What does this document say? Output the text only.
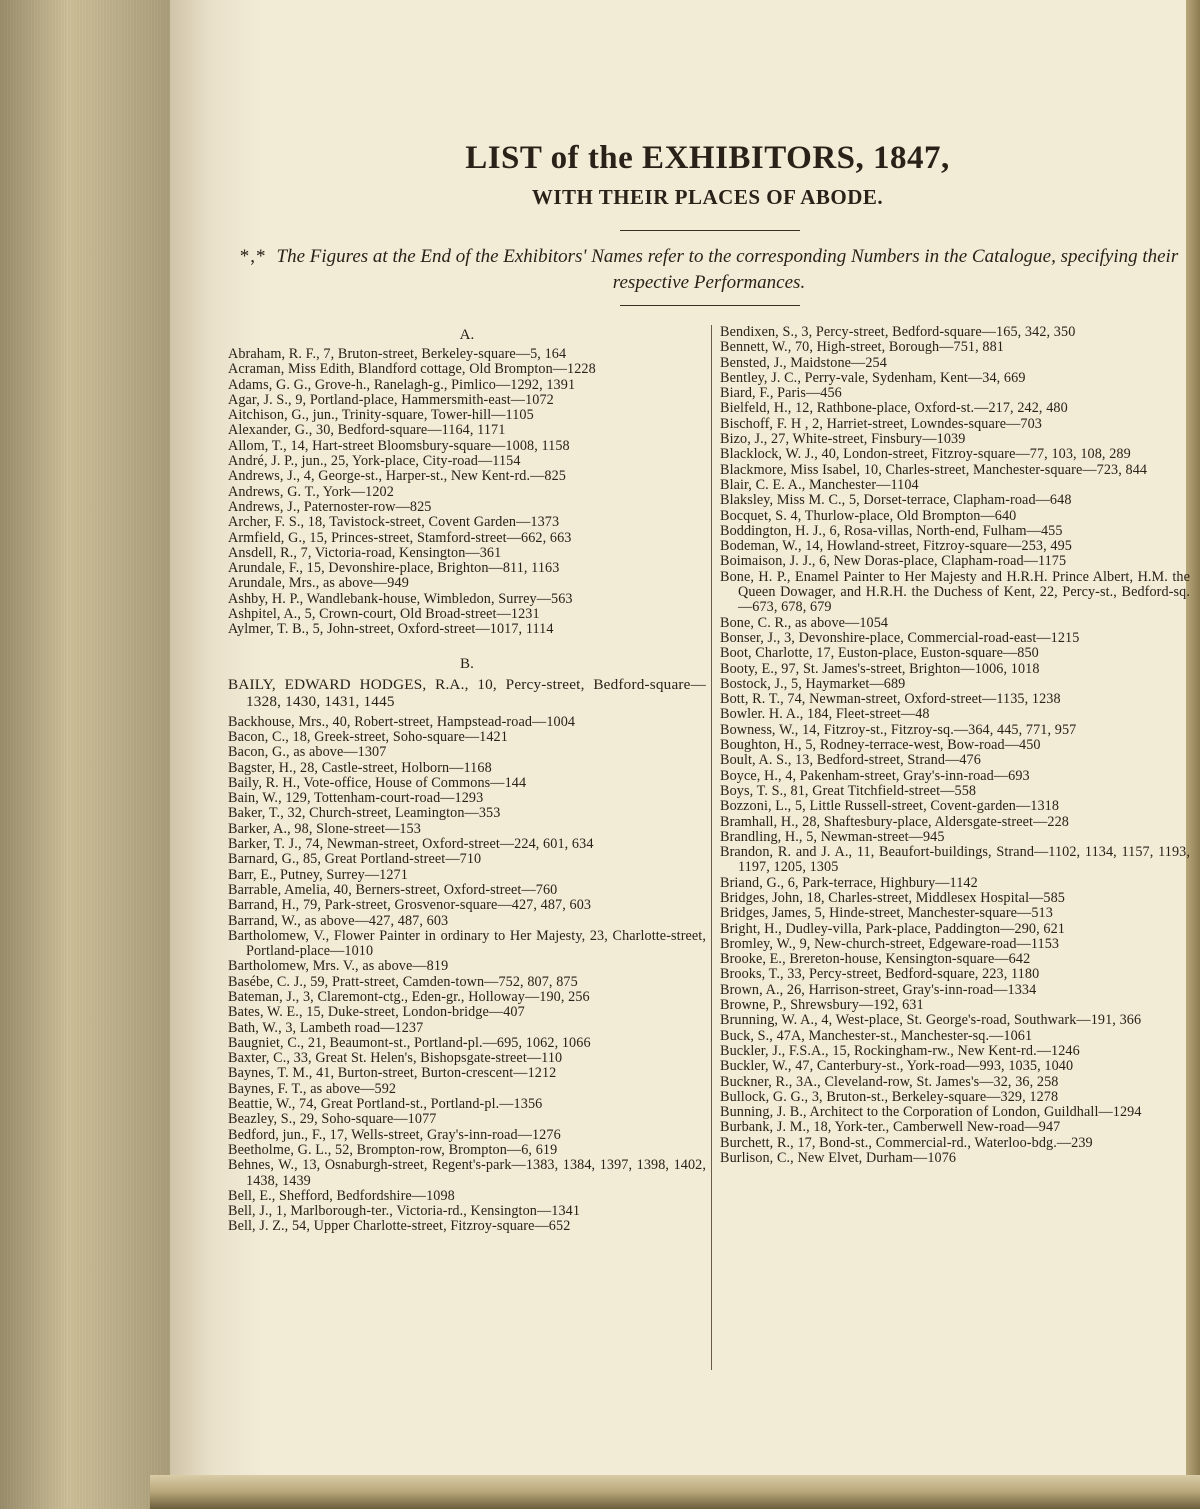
LIST of the EXHIBITORS, 1847,
WITH THEIR PLACES OF ABODE.

*,* The Figures at the End of the Exhibitors' Names refer to the corresponding Numbers in the Catalogue, specifying their respective Performances.

A.

Abraham, R. F., 7, Bruton-street, Berkeley-square—5, 164

Acraman, Miss Edith, Blandford cottage, Old Brompton—1228

Adams, G. G., Grove-h., Ranelagh-g., Pimlico—1292, 1391

Agar, J. S., 9, Portland-place, Hammersmith-east—1072

Aitchison, G., jun., Trinity-square, Tower-hill—1105

Alexander, G., 30, Bedford-square—1164, 1171

Allom, T., 14, Hart-street Bloomsbury-square—1008, 1158

André, J. P., jun., 25, York-place, City-road—1154

Andrews, J., 4, George-st., Harper-st., New Kent-rd.—825

Andrews, G. T., York—1202

Andrews, J., Paternoster-row—825

Archer, F. S., 18, Tavistock-street, Covent Garden—1373

Armfield, G., 15, Princes-street, Stamford-street—662, 663

Ansdell, R., 7, Victoria-road, Kensington—361

Arundale, F., 15, Devonshire-place, Brighton—811, 1163

Arundale, Mrs., as above—949

Ashby, H. P., Wandlebank-house, Wimbledon, Surrey—563

Ashpitel, A., 5, Crown-court, Old Broad-street—1231

Aylmer, T. B., 5, John-street, Oxford-street—1017, 1114

B.

BAILY, EDWARD HODGES, R.A., 10, Percy-street, Bedford-square—1328, 1430, 1431, 1445

Backhouse, Mrs., 40, Robert-street, Hampstead-road—1004

Bacon, C., 18, Greek-street, Soho-square—1421

Bacon, G., as above—1307

Bagster, H., 28, Castle-street, Holborn—1168

Baily, R. H., Vote-office, House of Commons—144

Bain, W., 129, Tottenham-court-road—1293

Baker, T., 32, Church-street, Leamington—353

Barker, A., 98, Slone-street—153

Barker, T. J., 74, Newman-street, Oxford-street—224, 601, 634

Barnard, G., 85, Great Portland-street—710

Barr, E., Putney, Surrey—1271

Barrable, Amelia, 40, Berners-street, Oxford-street—760

Barrand, H., 79, Park-street, Grosvenor-square—427, 487, 603

Barrand, W., as above—427, 487, 603

Bartholomew, V., Flower Painter in ordinary to Her Majesty, 23, Charlotte-street, Portland-place—1010

Bartholomew, Mrs. V., as above—819

Basébe, C. J., 59, Pratt-street, Camden-town—752, 807, 875

Bateman, J., 3, Claremont-ctg., Eden-gr., Holloway—190, 256

Bates, W. E., 15, Duke-street, London-bridge—407

Bath, W., 3, Lambeth road—1237

Baugniet, C., 21, Beaumont-st., Portland-pl.—695, 1062, 1066

Baxter, C., 33, Great St. Helen's, Bishopsgate-street—110

Baynes, T. M., 41, Burton-street, Burton-crescent—1212

Baynes, F. T., as above—592

Beattie, W., 74, Great Portland-st., Portland-pl.—1356

Beazley, S., 29, Soho-square—1077

Bedford, jun., F., 17, Wells-street, Gray's-inn-road—1276

Beetholme, G. L., 52, Brompton-row, Brompton—6, 619

Behnes, W., 13, Osnaburgh-street, Regent's-park—1383, 1384, 1397, 1398, 1402, 1438, 1439

Bell, E., Shefford, Bedfordshire—1098

Bell, J., 1, Marlborough-ter., Victoria-rd., Kensington—1341

Bell, J. Z., 54, Upper Charlotte-street, Fitzroy-square—652

Bendixen, S., 3, Percy-street, Bedford-square—165, 342, 350

Bennett, W., 70, High-street, Borough—751, 881

Bensted, J., Maidstone—254

Bentley, J. C., Perry-vale, Sydenham, Kent—34, 669

Biard, F., Paris—456

Bielfeld, H., 12, Rathbone-place, Oxford-st.—217, 242, 480

Bischoff, F. H , 2, Harriet-street, Lowndes-square—703

Bizo, J., 27, White-street, Finsbury—1039

Blacklock, W. J., 40, London-street, Fitzroy-square—77, 103, 108, 289

Blackmore, Miss Isabel, 10, Charles-street, Manchester-square—723, 844

Blair, C. E. A., Manchester—1104

Blaksley, Miss M. C., 5, Dorset-terrace, Clapham-road—648

Bocquet, S. 4, Thurlow-place, Old Brompton—640

Boddington, H. J., 6, Rosa-villas, North-end, Fulham—455

Bodeman, W., 14, Howland-street, Fitzroy-square—253, 495

Boimaison, J. J., 6, New Doras-place, Clapham-road—1175

Bone, H. P., Enamel Painter to Her Majesty and H.R.H. Prince Albert, H.M. the Queen Dowager, and H.R.H. the Duchess of Kent, 22, Percy-st., Bedford-sq.—673, 678, 679

Bone, C. R., as above—1054

Bonser, J., 3, Devonshire-place, Commercial-road-east—1215

Boot, Charlotte, 17, Euston-place, Euston-square—850

Booty, E., 97, St. James's-street, Brighton—1006, 1018

Bostock, J., 5, Haymarket—689

Bott, R. T., 74, Newman-street, Oxford-street—1135, 1238

Bowler. H. A., 184, Fleet-street—48

Bowness, W., 14, Fitzroy-st., Fitzroy-sq.—364, 445, 771, 957

Boughton, H., 5, Rodney-terrace-west, Bow-road—450

Boult, A. S., 13, Bedford-street, Strand—476

Boyce, H., 4, Pakenham-street, Gray's-inn-road—693

Boys, T. S., 81, Great Titchfield-street—558

Bozzoni, L., 5, Little Russell-street, Covent-garden—1318

Bramhall, H., 28, Shaftesbury-place, Aldersgate-street—228

Brandling, H., 5, Newman-street—945

Brandon, R. and J. A., 11, Beaufort-buildings, Strand—1102, 1134, 1157, 1193, 1197, 1205, 1305

Briand, G., 6, Park-terrace, Highbury—1142

Bridges, John, 18, Charles-street, Middlesex Hospital—585

Bridges, James, 5, Hinde-street, Manchester-square—513

Bright, H., Dudley-villa, Park-place, Paddington—290, 621

Bromley, W., 9, New-church-street, Edgeware-road—1153

Brooke, E., Brereton-house, Kensington-square—642

Brooks, T., 33, Percy-street, Bedford-square, 223, 1180

Brown, A., 26, Harrison-street, Gray's-inn-road—1334

Browne, P., Shrewsbury—192, 631

Brunning, W. A., 4, West-place, St. George's-road, Southwark—191, 366

Buck, S., 47A, Manchester-st., Manchester-sq.—1061

Buckler, J., F.S.A., 15, Rockingham-rw., New Kent-rd.—1246

Buckler, W., 47, Canterbury-st., York-road—993, 1035, 1040

Buckner, R., 3A., Cleveland-row, St. James's—32, 36, 258

Bullock, G. G., 3, Bruton-st., Berkeley-square—329, 1278

Bunning, J. B., Architect to the Corporation of London, Guildhall—1294

Burbank, J. M., 18, York-ter., Camberwell New-road—947

Burchett, R., 17, Bond-st., Commercial-rd., Waterloo-bdg.—239

Burlison, C., New Elvet, Durham—1076
